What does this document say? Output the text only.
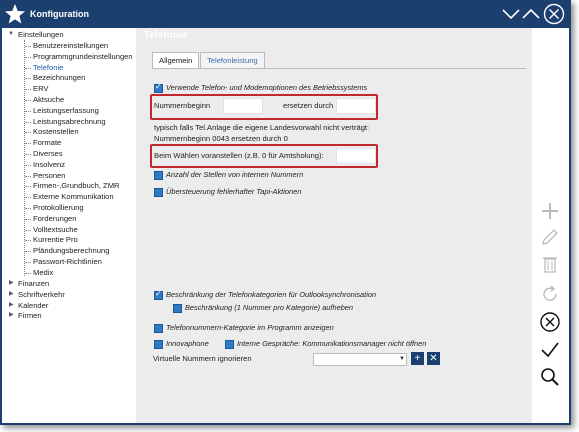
Konfiguration
▼ Einstellungen
Benutzereinstellungen
Programmgrundeinstellungen
Telefonie
Bezeichnungen
ERV
Aktsuche
Leistungserfassung
Leistungsabrechnung
Kostenstellen
Formate
Diverses
Insolvenz
Personen
Firmen-,Grundbuch, ZMR
Externe Kommunikation
Protokollierung
Forderungen
Volltextsuche
Kurrentie Pro
Pfändungsberechnung
Passwort-Richtlinien
Medix
▶ Finanzen
▶ Schriftverkehr
▶ Kalender
▶ Firmen
Telefonie
Allgemein	Telefonleistung
✓
Verwende Telefon- und Modemoptionen des Betriebssystems
Nummernbeginn	ersetzen durch
typisch falls Tel.Anlage die eigene Landesvorwahl nicht verträgt:
Nummernbeginn 0043 ersetzen durch 0
Beim Wählen voranstellen (z.B. 0 für Amtsholung):
Anzahl der Stellen von internen Nummern
Übersteuerung fehlerhafter Tapi-Aktionen
✓
Beschränkung der Telefonkategorien für Outlooksynchronisation
Beschränkung (1 Nummer pro Kategorie) aufheben
Telefonnummern-Kategorie im Programm anzeigen
Innovaphone	Interne Gespräche: Kommunikationsmanager nicht öffnen
Virtuelle Nummern ignorieren	▼ + ✕
